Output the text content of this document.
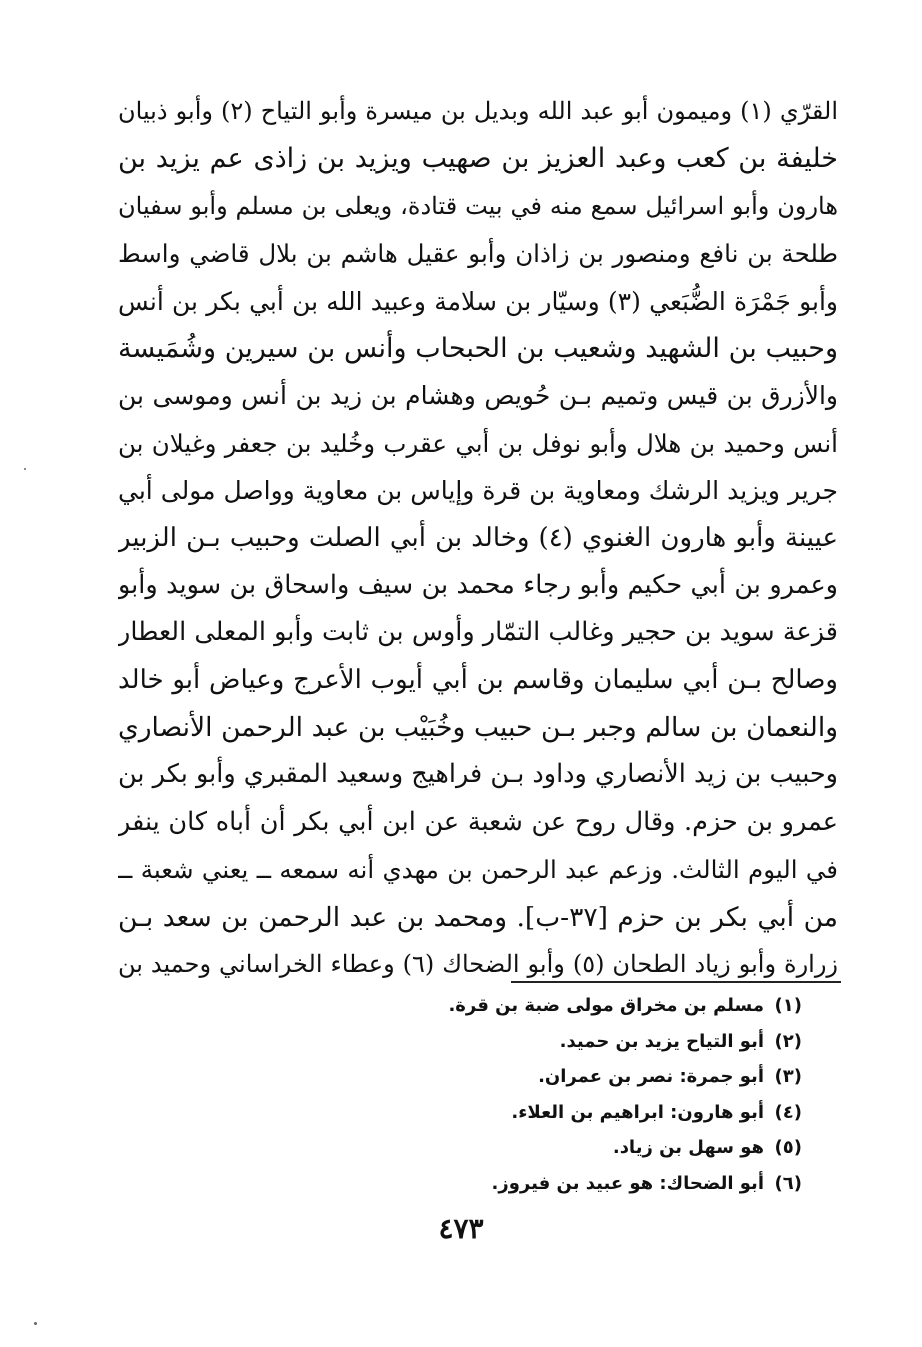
القرّي (١) وميمون أبو عبد الله وبديل بن ميسرة وأبو التياح (٢) وأبو ذبيان
خليفة بن كعب وعبد العزيز بن صهيب ويزيد بن زاذى عم يزيد بن
هارون وأبو اسرائيل سمع منه في بيت قتادة، ويعلى بن مسلم وأبو سفيان
طلحة بن نافع ومنصور بن زاذان وأبو عقيل هاشم بن بلال قاضي واسط
وأبو جَمْرَة الضُّبَعي (٣) وسيّار بن سلامة وعبيد الله بن أبي بكر بن أنس
وحبيب بن الشهيد وشعيب بن الحبحاب وأنس بن سيرين وشُمَيسة
والأزرق بن قيس وتميم بـن حُويص وهشام بن زيد بن أنس وموسى بن
أنس وحميد بن هلال وأبو نوفل بن أبي عقرب وخُليد بن جعفر وغيلان بن
جرير ويزيد الرشك ومعاوية بن قرة وإياس بن معاوية وواصل مولى أبي
عيينة وأبو هارون الغنوي (٤) وخالد بن أبي الصلت وحبيب بـن الزبير
وعمرو بن أبي حكيم وأبو رجاء محمد بن سيف واسحاق بن سويد وأبو
قزعة سويد بن حجير وغالب التمّار وأوس بن ثابت وأبو المعلى العطار
وصالح بـن أبي سليمان وقاسم بن أبي أيوب الأعرج وعياض أبو خالد
والنعمان بن سالم وجبر بـن حبيب وخُبَيْب بن عبد الرحمن الأنصاري
وحبيب بن زيد الأنصاري وداود بـن فراهيج وسعيد المقبري وأبو بكر بن
عمرو بن حزم. وقال روح عن شعبة عن ابن أبي بكر أن أباه كان ينفر
في اليوم الثالث. وزعم عبد الرحمن بن مهدي أنه سمعه ــ يعني شعبة ــ
من أبي بكر بن حزم [٣٧-ب]. ومحمد بن عبد الرحمن بن سعد بـن
زرارة وأبو زياد الطحان (٥) وأبو الضحاك (٦) وعطاء الخراساني وحميد بن
(١)مسلم بن مخراق مولى ضبة بن قرة.
(٢)أبو التياح يزيد بن حميد.
(٣)أبو جمرة: نصر بن عمران.
(٤)أبو هارون: ابراهيم بن العلاء.
(٥)هو سهل بن زياد.
(٦)أبو الضحاك: هو عبيد بن فيروز.
٤٧٣
